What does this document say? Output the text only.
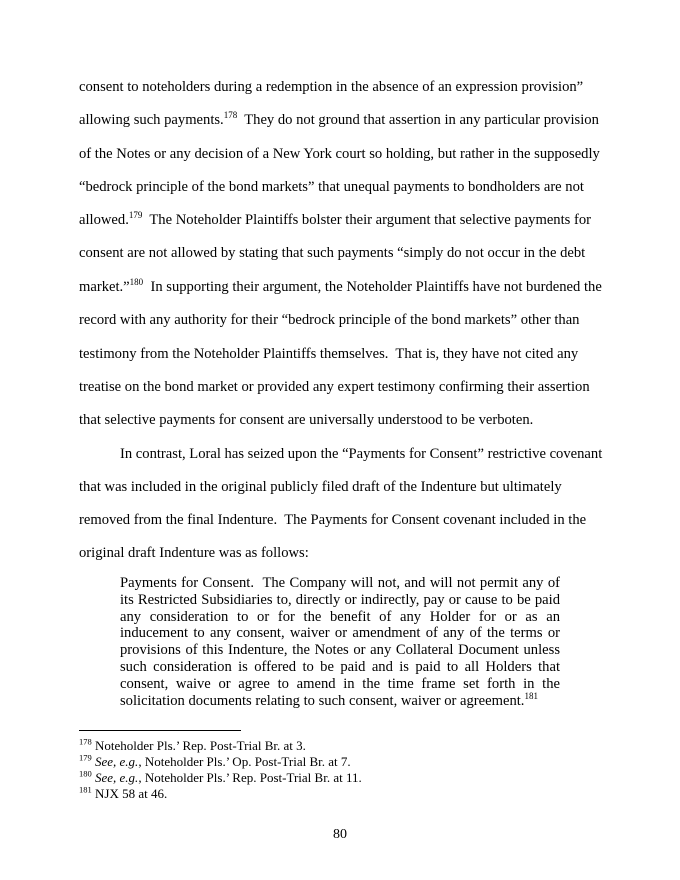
consent to noteholders during a redemption in the absence of an expression provision”
allowing such payments.$^{178}$  They do not ground that assertion in any particular provision
of the Notes or any decision of a New York court so holding, but rather in the supposedly
“bedrock principle of the bond markets” that unequal payments to bondholders are not
allowed.$^{179}$  The Noteholder Plaintiffs bolster their argument that selective payments for
consent are not allowed by stating that such payments “simply do not occur in the debt
market.”$^{180}$  In supporting their argument, the Noteholder Plaintiffs have not burdened the
record with any authority for their “bedrock principle of the bond markets” other than
testimony from the Noteholder Plaintiffs themselves.  That is, they have not cited any
treatise on the bond market or provided any expert testimony confirming their assertion
that selective payments for consent are universally understood to be verboten.
In contrast, Loral has seized upon the “Payments for Consent” restrictive covenant
that was included in the original publicly filed draft of the Indenture but ultimately
removed from the final Indenture.  The Payments for Consent covenant included in the
original draft Indenture was as follows:

Payments for Consent.  The Company will not, and will not permit any of its Restricted Subsidiaries to, directly or indirectly, pay or cause to be paid any consideration to or for the benefit of any Holder for or as an inducement to any consent, waiver or amendment of any of the terms or provisions of this Indenture, the Notes or any Collateral Document unless such consideration is offered to be paid and is paid to all Holders that consent, waive or agree to amend in the time frame set forth in the solicitation documents relating to such consent, waiver or agreement.$^{181}$

$^{178}$ Noteholder Pls.’ Rep. Post-Trial Br. at 3.
$^{179}$ See, e.g., Noteholder Pls.’ Op. Post-Trial Br. at 7.
$^{180}$ See, e.g., Noteholder Pls.’ Rep. Post-Trial Br. at 11.
$^{181}$ NJX 58 at 46.
80
